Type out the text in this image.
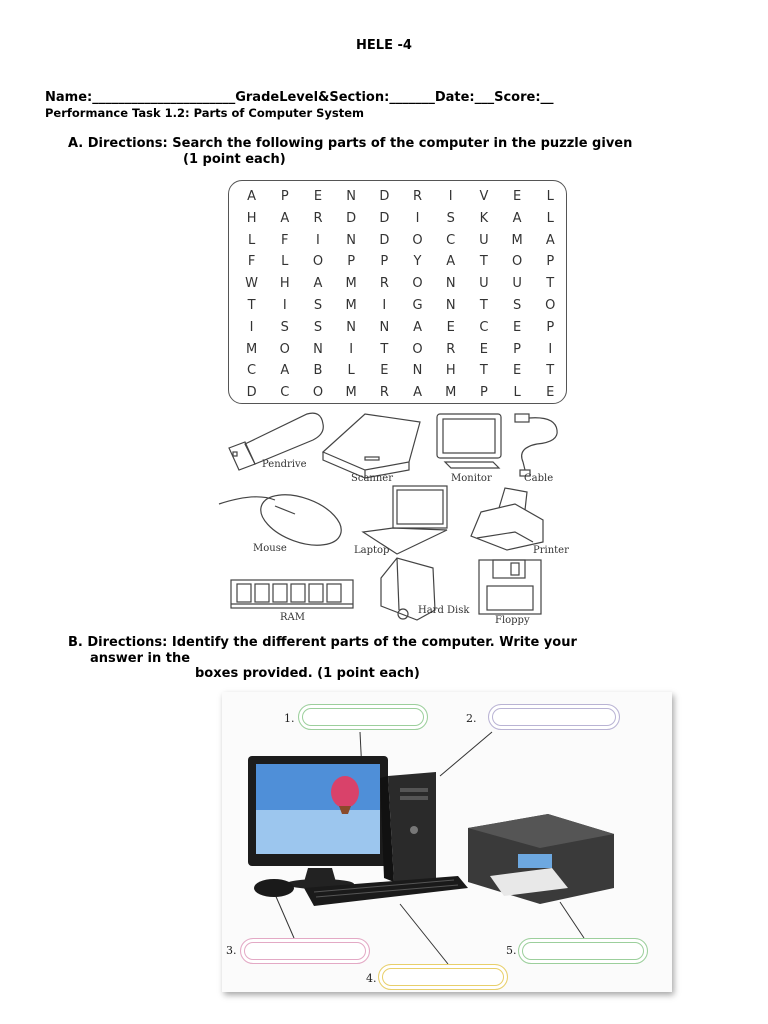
HELE -4
Name:______________________GradeLevel&Section:_______Date:___Score:__
Performance Task 1.2: Parts of Computer System
A. Directions: Search the following parts of the computer in the puzzle given
(1 point each)
A	P	E	N	D	R	I	V	E	L
H	A	R	D	D	I	S	K	A	L
L	F	I	N	D	O	C	U	M	A
F	L	O	P	P	Y	A	T	O	P
W	H	A	M	R	O	N	U	U	T
T	I	S	M	I	G	N	T	S	O
I	S	S	N	N	A	E	C	E	P
M	O	N	I	T	O	R	E	P	I
C	A	B	L	E	N	H	T	E	T
D	C	O	M	R	A	M	P	L	E
Pendrive
Scanner	Monitor	Cable
Mouse	Laptop	Printer
RAM
Hard Disk
Floppy
B. Directions: Identify the different parts of the computer. Write your
answer in the
boxes provided. (1 point each)
1.	2.
3.
4.
5.
